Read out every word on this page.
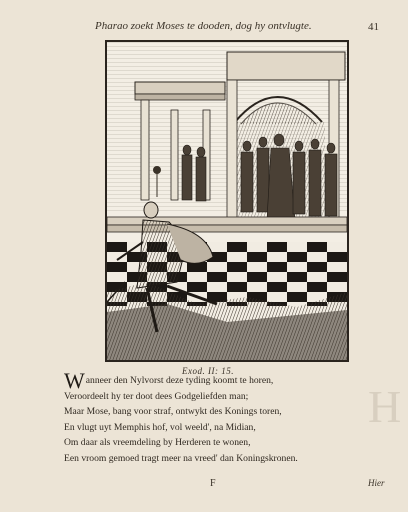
H
Pharao zoekt Moses te dooden, dog hy ontvlugte.	41
Exod. II: 15.
Wanneer den Nylvorst deze tyding koomt te horen,
Veroordeelt hy ter doot dees Godgeliefden man;
Maar Mose, bang voor straf, ontwykt des Konings toren,
En vlugt uyt Memphis hof, vol weeld', na Midian,
Om daar als vreemdeling by Herderen te wonen,
Een vroom gemoed tragt meer na vreed' dan Koningskronen.
F	Hier
